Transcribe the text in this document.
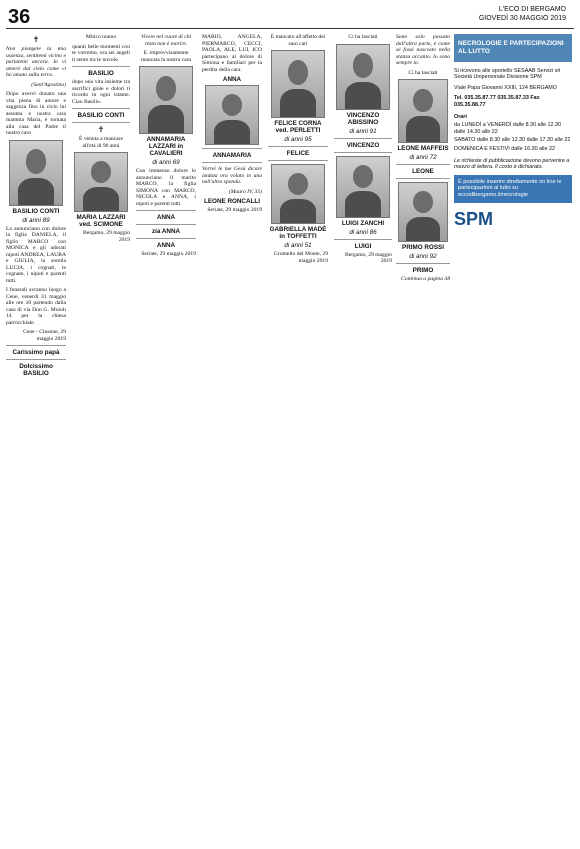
36	L'ECO DI BERGAMO
GIOVEDÌ 30 MAGGIO 2019
✝

Non piangete la mia assenza, sentitemi vicino e parlatemi ancora. Io vi amerò dal cielo come vi ho amato sulla terra.

(Sant'Agostino)

Dopo avervi donato una vita piena di amore e saggezza fino in ciclo lui assunta e nostra cara mamma Maria, è tornata alla casa del Padre il nostro caro

BASILIO CONTI
di anni 89

Lo annunciano con dolore la figlia DANIELA, il figlio MARCO con MONICA e gli adorati nipoti ANDREA, LAURA e GIULIA, la sorella LUCIA, i cognati, le cognate, i nipoti e parenti tutti.

I funerali avranno luogo a Cene, venerdì 31 maggio alle ore 10 partendo dalla casa di via Don G. Moioli 14 per la chiesa parrocchiale.

Cene - Clusone, 29 maggio 2019

Carissimo papà
Dolcissimo BASILIO

Mitico nonno

quanti belle momenti con te vorremo, ora sei angeli ti sento tra le nuvole.

BASILIO

dopo una vita insieme tra sacrifici gioie e dolori ti ricordo in ogni istante. Ciao Basilio.

BASILIO CONTI
✝

È venuta a mancare all'età di 90 anni

MARIA LAZZARI ved. SCIMONE

Bergamo, 29 maggio 2019

Vivere nel cuore di chi resta non è morire.

E. improvvisamente mancata la nostra cara

ANNAMARIA LAZZARI in CAVALIERI
di anni 69

Con immenso dolore lo annunciano il marito MARCO, la figlia SIMONA con MARCO, NICOLA e ANNA, i nipoti e parenti tutti.

ANNA
zia ANNA
ANNA

Seriate, 29 maggio 2019

MARIO, ANGELA, PIERMARCO, CECCI, PAOLA, ALE, LUI, ICO partecipano al dolore di Simona e familiari per la perdita della cara

ANNA
ANNAMARIA

Vorrei le tue Gesù dicare andata ora volato in una nell'altro sponda.

(Mauro IV, 35)

LEONE RONCALLI

Seriate, 29 maggio 2019

È mancato all'affetto dei suoi cari

FELICE CORNA ved. PERLETTI
di anni 95
FELICE
GABRIELLA MADÈ in TOFFETTI
di anni 51

Grumello del Monte, 29 maggio 2019

Ci ha lasciati

VINCENZO ABISSINO
di anni 91
VINCENZO
LUIGI ZANCHI
di anni 86
LUIGI

Bergamo, 29 maggio 2019

Sono solo passato dall'altra parte, è come se fossi nascosto nella stanza accanto. Io sono sempre io.

Ci ha lasciati

LEONE MAFFEIS
di anni 72
LEONE
PRIMO ROSSI
di anni 92
PRIMO

Continua a pagina 38

NECROLOGIE E PARTECIPAZIONI AL LUTTO
Si ricevono alle sportello SESAAB Servizi srl Società Unipersonale Divisione SPM
Viale Papa Giovanni XXIII, 124 BERGAMO
Tel. 035.35.87.77 035.35.87.33 Fax 035.35.88.77
Orari
da LUNEDÌ a VENERDÌ dalle 8.30 alle 12.30 dalle 14.30 alle 22
SABATO dalle 8.30 alle 12.30 dalle 17.30 alle 22
DOMENICA E FESTIVI dalle 16.30 alle 22
Le richieste di pubblicazione devono pervenire a mezzo di lettera. Il costo è dichiarato.
È possibile inserire direttamente on line le partecipazioni al lutto su eccodibergamo.it/necrologie
SPM
